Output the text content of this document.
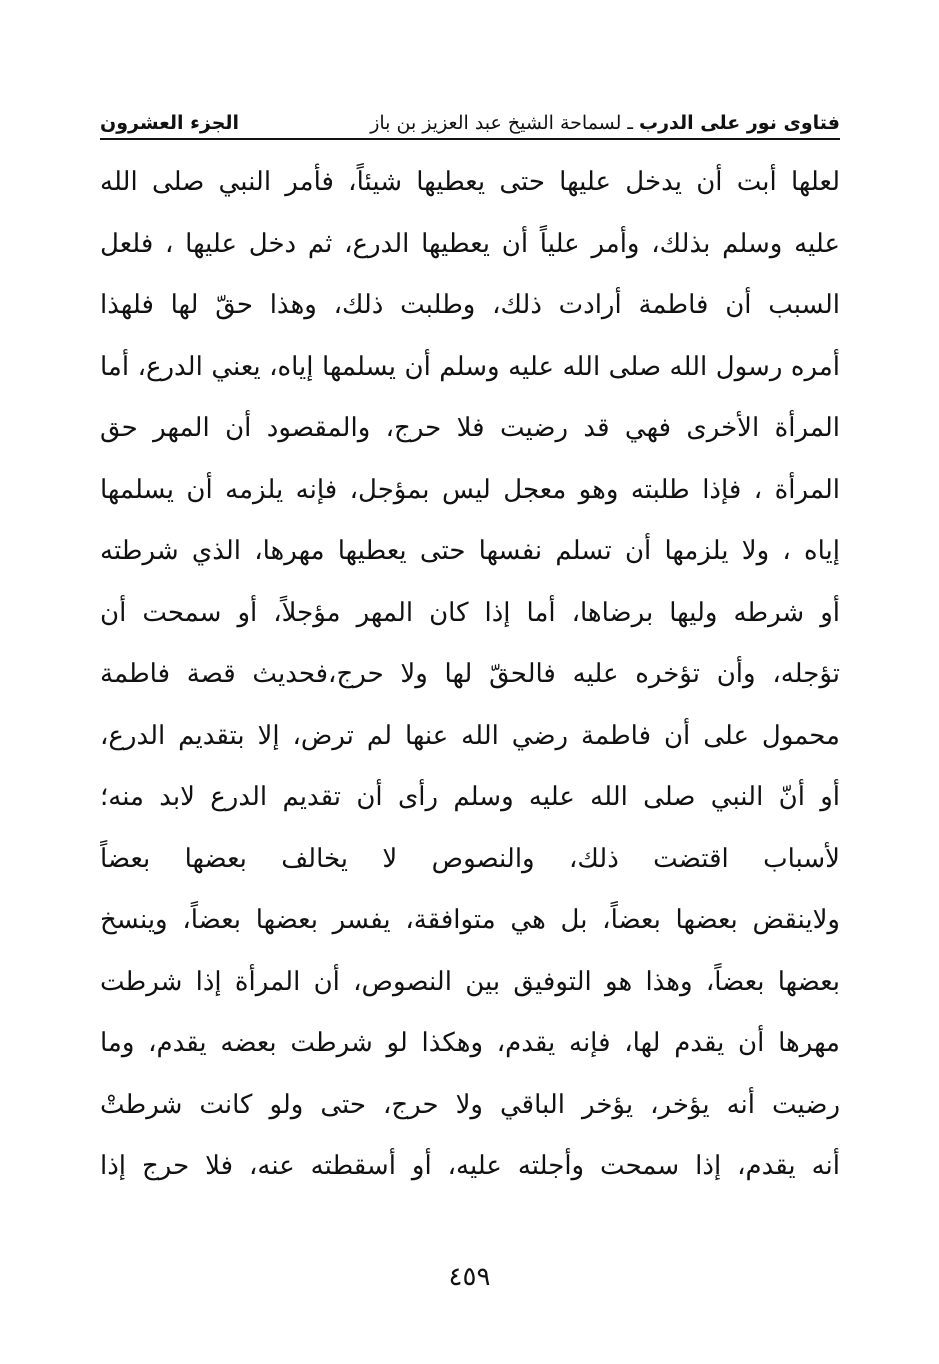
فتاوى نور على الدرب
ـ
لسماحة الشيخ عبد العزيز بن باز
الجزء العشرون
لعلها أبت أن يدخل عليها حتى يعطيها شيئاً، فأمر النبي صلى الله
عليه وسلم بذلك، وأمر علياً أن يعطيها الدرع، ثم دخل عليها ، فلعل
السبب أن فاطمة أرادت ذلك، وطلبت ذلك، وهذا حقّ لها فلهذا
أمره رسول الله صلى الله عليه وسلم أن يسلمها إياه، يعني الدرع، أما
المرأة الأخرى فهي قد رضيت فلا حرج، والمقصود أن المهر حق
المرأة ، فإذا طلبته وهو معجل ليس بمؤجل، فإنه يلزمه أن يسلمها
إياه ، ولا يلزمها أن تسلم نفسها حتى يعطيها مهرها، الذي شرطته
أو شرطه وليها برضاها، أما إذا كان المهر مؤجلاً، أو سمحت أن
تؤجله، وأن تؤخره عليه فالحقّ لها ولا حرج،فحديث قصة فاطمة
محمول على أن فاطمة رضي الله عنها لم ترض، إلا بتقديم الدرع،
أو أنّ النبي صلى الله عليه وسلم رأى أن تقديم الدرع لابد منه؛
لأسباب اقتضت ذلك، والنصوص لا يخالف بعضها بعضاً
ولاينقض بعضها بعضاً، بل هي متوافقة، يفسر بعضها بعضاً، وينسخ
بعضها بعضاً، وهذا هو التوفيق بين النصوص، أن المرأة إذا شرطت
مهرها أن يقدم لها، فإنه يقدم، وهكذا لو شرطت بعضه يقدم، وما
رضيت أنه يؤخر، يؤخر الباقي ولا حرج، حتى ولو كانت شرطتْ
أنه يقدم، إذا سمحت وأجلته عليه، أو أسقطته عنه، فلا حرج إذا
٤٥٩
